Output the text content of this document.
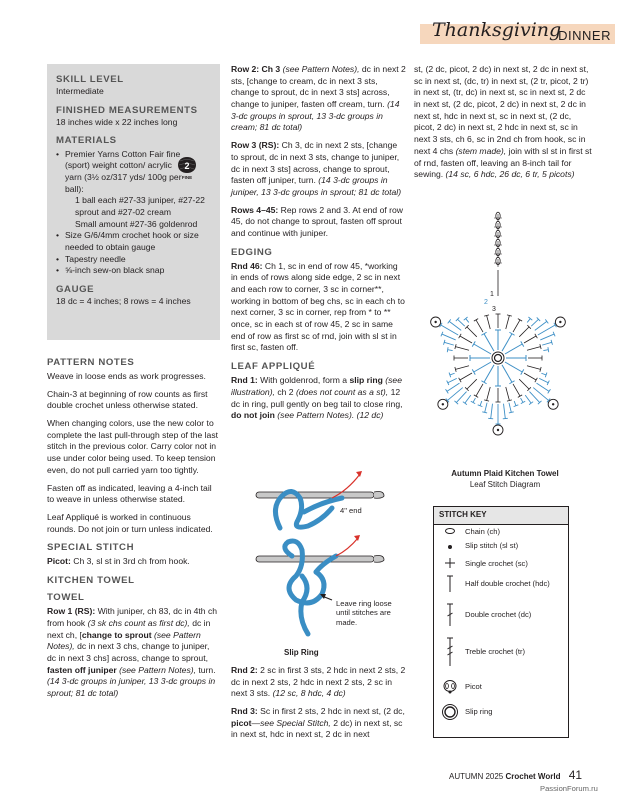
Thanksgiving
DINNER
SKILL LEVEL
Intermediate
FINISHED MEASUREMENTS
18 inches wide x 22 inches long
MATERIALS
• Premier Yarns Cotton Fair fine (sport) weight cotton/ acrylic yarn (3½ oz/317 yds/ 100g per ball):
1 ball each #27-33 juniper, #27-22 sprout and #27-02 cream
Small amount #27-36 goldenrod
• Size G/6/4mm crochet hook or size needed to obtain gauge
• Tapestry needle
• ⅝-inch sew-on black snap
GAUGE
18 dc = 4 inches; 8 rows = 4 inches
2
FINE
PATTERN NOTES

Weave in loose ends as work progresses.

Chain-3 at beginning of row counts as first double crochet unless otherwise stated.

When changing colors, use the new color to complete the last pull-through step of the last stitch in the previous color. Carry color not in use under color being used. To keep tension even, do not pull carried yarn too tightly.

Fasten off as indicated, leaving a 4-inch tail to weave in unless otherwise stated.

Leaf Appliqué is worked in continuous rounds. Do not join or turn unless indicated.

SPECIAL STITCH

Picot: Ch 3, sl st in 3rd ch from hook.

KITCHEN TOWEL
TOWEL

Row 1 (RS): With juniper, ch 83, dc in 4th ch from hook (3 sk chs count as first dc), dc in next ch, [change to sprout (see Pattern Notes), dc in next 3 chs, change to juniper, dc in next 3 chs] across, change to sprout, fasten off juniper (see Pattern Notes), turn. (14 3-dc groups in juniper, 13 3-dc groups in sprout; 81 dc total)

Row 2: Ch 3 (see Pattern Notes), dc in next 2 sts, [change to cream, dc in next 3 sts, change to sprout, dc in next 3 sts] across, change to juniper, fasten off cream, turn. (14 3-dc groups in sprout, 13 3-dc groups in cream; 81 dc total)

Row 3 (RS): Ch 3, dc in next 2 sts, [change to sprout, dc in next 3 sts, change to juniper, dc in next 3 sts] across, change to sprout, fasten off juniper, turn. (14 3-dc groups in juniper, 13 3-dc groups in sprout; 81 dc total)

Rows 4–45: Rep rows 2 and 3. At end of row 45, do not change to sprout, fasten off sprout and continue with juniper.

EDGING

Rnd 46: Ch 1, sc in end of row 45, *working in ends of rows along side edge, 2 sc in next and each row to corner, 3 sc in corner**, working in bottom of beg chs, sc in each ch to next corner, 3 sc in corner, rep from * to ** once, sc in each st of row 45, 2 sc in same end of row as first sc of rnd, join with sl st in first sc, fasten off.

LEAF APPLIQUÉ

Rnd 1: With goldenrod, form a slip ring (see illustration), ch 2 (does not count as a st), 12 dc in ring, pull gently on beg tail to close ring, do not join (see Pattern Notes). (12 dc)

4" end
Leave ring loose until stitches are made.
Slip Ring

Rnd 2: 2 sc in first 3 sts, 2 hdc in next 2 sts, 2 dc in next 2 sts, 2 hdc in next 2 sts, 2 sc in next 3 sts. (12 sc, 8 hdc, 4 dc)

Rnd 3: Sc in first 2 sts, 2 hdc in next st, (2 dc, picot—see Special Stitch, 2 dc) in next st, sc in next st, hdc in next st, 2 dc in next

st, (2 dc, picot, 2 dc) in next st, 2 dc in next st, sc in next st, (dc, tr) in next st, (2 tr, picot, 2 tr) in next st, (tr, dc) in next st, sc in next st, 2 dc in next st, (2 dc, picot, 2 dc) in next st, 2 dc in next st, hdc in next st, sc in next st, (2 dc, picot, 2 dc) in next st, 2 hdc in next st, sc in next 3 sts, ch 6, sc in 2nd ch from hook, sc in next 4 chs (stem made), join with sl st in first st of rnd, fasten off, leaving an 8-inch tail for sewing. (14 sc, 6 hdc, 26 dc, 6 tr, 5 picots)

1
2
3
Autumn Plaid Kitchen Towel
Leaf Stitch Diagram
STITCH KEY
Chain (ch)
Slip stitch (sl st)
Single crochet (sc)
Half double crochet (hdc)
Double crochet (dc)
Treble crochet (tr)
Picot
Slip ring
AUTUMN 2025 Crochet World 41
PassionForum.ru
